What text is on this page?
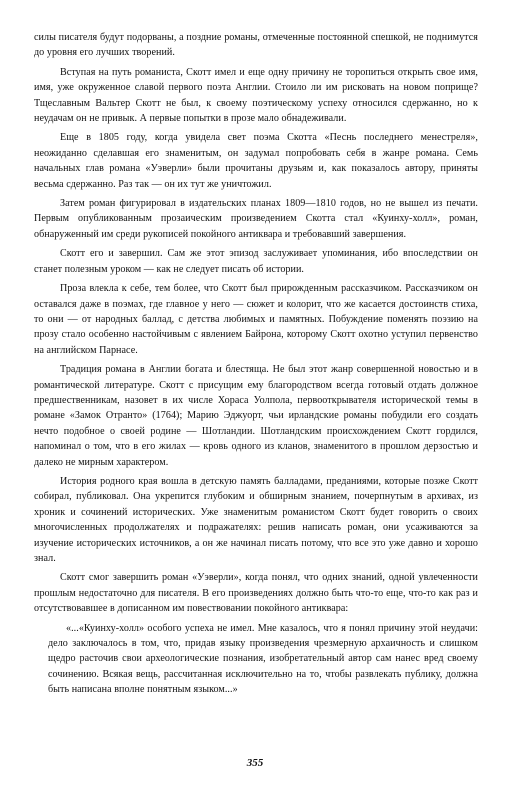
силы писателя будут подорваны, а поздние романы, отмеченные постоянной спешкой, не поднимутся до уровня его лучших творений.

Вступая на путь романиста, Скотт имел и еще одну причину не торопиться открыть свое имя, имя, уже окруженное славой первого поэта Англии. Стоило ли им рисковать на новом поприще? Тщеславным Вальтер Скотт не был, к своему поэтическому успеху относился сдержанно, но к неудачам он не привык. А первые попытки в прозе мало обнадеживали.

Еще в 1805 году, когда увидела свет поэма Скотта «Песнь последнего менестреля», неожиданно сделавшая его знаменитым, он задумал попробовать себя в жанре романа. Семь начальных глав романа «Уэверли» были прочитаны друзьям и, как показалось автору, приняты весьма сдержанно. Раз так — он их тут же уничтожил.

Затем роман фигурировал в издательских планах 1809—1810 годов, но не вышел из печати. Первым опубликованным прозаическим произведением Скотта стал «Куинху-холл», роман, обнаруженный им среди рукописей покойного антиквара и требовавший завершения.

Скотт его и завершил. Сам же этот эпизод заслуживает упоминания, ибо впоследствии он станет полезным уроком — как не следует писать об истории.

Проза влекла к себе, тем более, что Скотт был прирожденным рассказчиком. Рассказчиком он оставался даже в поэмах, где главное у него — сюжет и колорит, что же касается достоинств стиха, то они — от народных баллад, с детства любимых и памятных. Побуждение поменять поэзию на прозу стало особенно настойчивым с явлением Байрона, которому Скотт охотно уступил первенство на английском Парнасе.

Традиция романа в Англии богата и блестяща. Не был этот жанр совершенной новостью и в романтической литературе. Скотт с присущим ему благородством всегда готовый отдать должное предшественникам, назовет в их числе Хораса Уолпола, первооткрывателя исторической темы в романе «Замок Отранто» (1764); Марию Эджуорт, чьи ирландские романы побудили его создать нечто подобное о своей родине — Шотландии. Шотландским происхождением Скотт гордился, напоминал о том, что в его жилах — кровь одного из кланов, знаменитого в прошлом дерзостью и далеко не мирным характером.

История родного края вошла в детскую память балладами, преданиями, которые позже Скотт собирал, публиковал. Она укрепится глубоким и обширным знанием, почерпнутым в архивах, из хроник и сочинений исторических. Уже знаменитым романистом Скотт будет говорить о своих многочисленных продолжателях и подражателях: решив написать роман, они усаживаются за изучение исторических источников, а он же начинал писать потому, что все это уже давно и хорошо знал.

Скотт смог завершить роман «Уэверли», когда понял, что одних знаний, одной увлеченности прошлым недостаточно для писателя. В его произведениях должно быть что-то еще, что-то как раз и отсутствовавшее в дописанном им повествовании покойного антиквара:

«...«Куинху-холл» особого успеха не имел. Мне казалось, что я понял причину этой неудачи: дело заключалось в том, что, придав языку произведения чрезмерную архаичность и слишком щедро расточив свои археологические познания, изобретательный автор сам нанес вред своему сочинению. Всякая вещь, рассчитанная исключительно на то, чтобы развлекать публику, должна быть написана вполне понятным языком...»

355
